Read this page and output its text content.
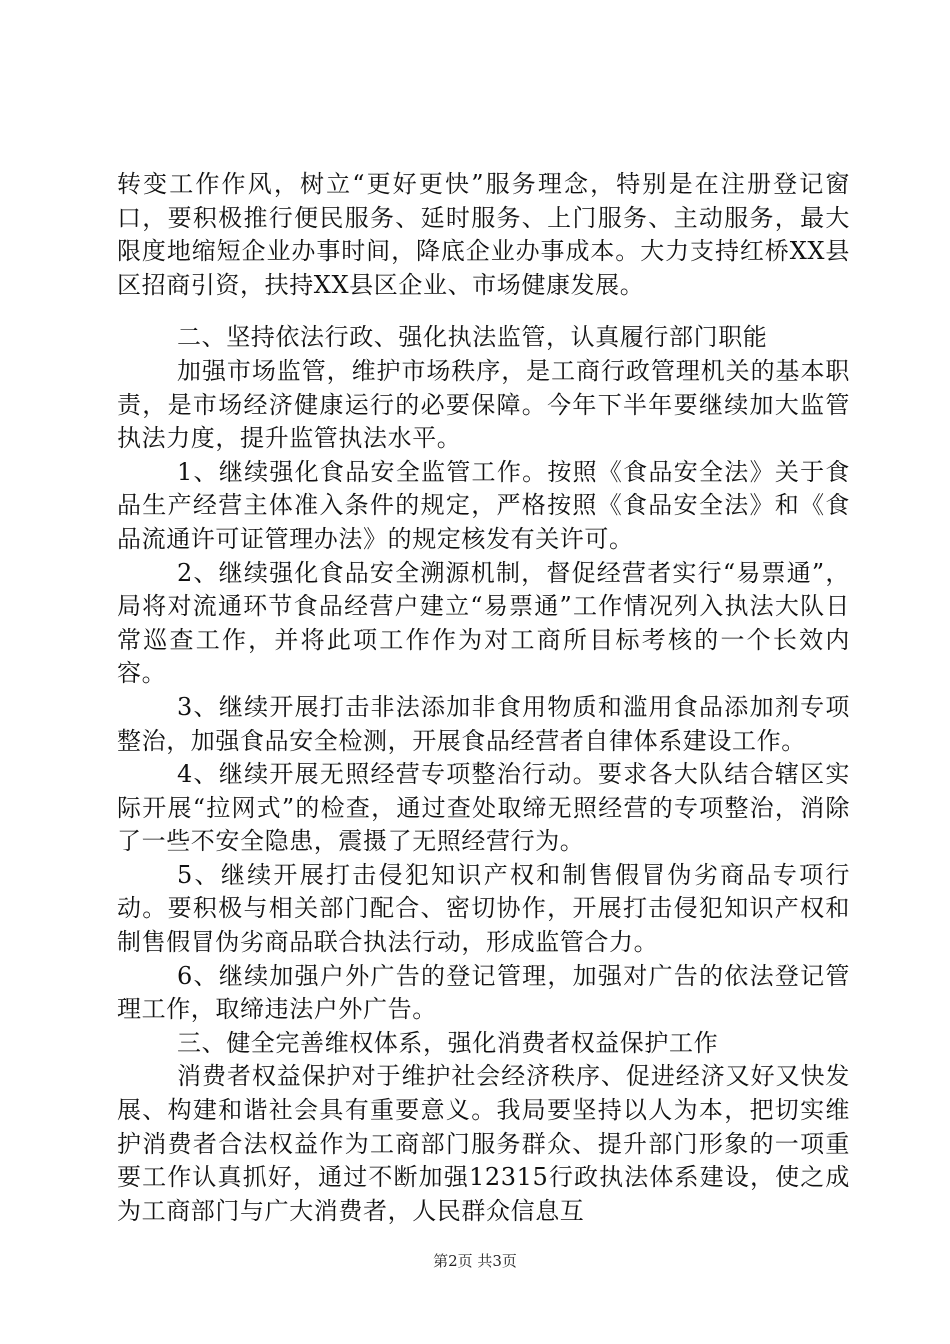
转变工作作风，树立“更好更快”服务理念，特别是在注册登记窗口，要积极推行便民服务、延时服务、上门服务、主动服务，最大限度地缩短企业办事时间，降底企业办事成本。大力支持红桥XX县区招商引资，扶持XX县区企业、市场健康发展。

二、坚持依法行政、强化执法监管，认真履行部门职能

加强市场监管，维护市场秩序，是工商行政管理机关的基本职责，是市场经济健康运行的必要保障。今年下半年要继续加大监管执法力度，提升监管执法水平。

1、继续强化食品安全监管工作。按照《食品安全法》关于食品生产经营主体准入条件的规定，严格按照《食品安全法》和《食品流通许可证管理办法》的规定核发有关许可。

2、继续强化食品安全溯源机制，督促经营者实行“易票通”，局将对流通环节食品经营户建立“易票通”工作情况列入执法大队日常巡查工作，并将此项工作作为对工商所目标考核的一个长效内容。

3、继续开展打击非法添加非食用物质和滥用食品添加剂专项整治，加强食品安全检测，开展食品经营者自律体系建设工作。

4、继续开展无照经营专项整治行动。要求各大队结合辖区实际开展“拉网式”的检查，通过查处取缔无照经营的专项整治，消除了一些不安全隐患，震摄了无照经营行为。

5、继续开展打击侵犯知识产权和制售假冒伪劣商品专项行动。要积极与相关部门配合、密切协作，开展打击侵犯知识产权和制售假冒伪劣商品联合执法行动，形成监管合力。

6、继续加强户外广告的登记管理，加强对广告的依法登记管理工作，取缔违法户外广告。

三、健全完善维权体系，强化消费者权益保护工作

消费者权益保护对于维护社会经济秩序、促进经济又好又快发展、构建和谐社会具有重要意义。我局要坚持以人为本，把切实维护消费者合法权益作为工商部门服务群众、提升部门形象的一项重要工作认真抓好，通过不断加强12315行政执法体系建设，使之成为工商部门与广大消费者，人民群众信息互

第2页 共3页
